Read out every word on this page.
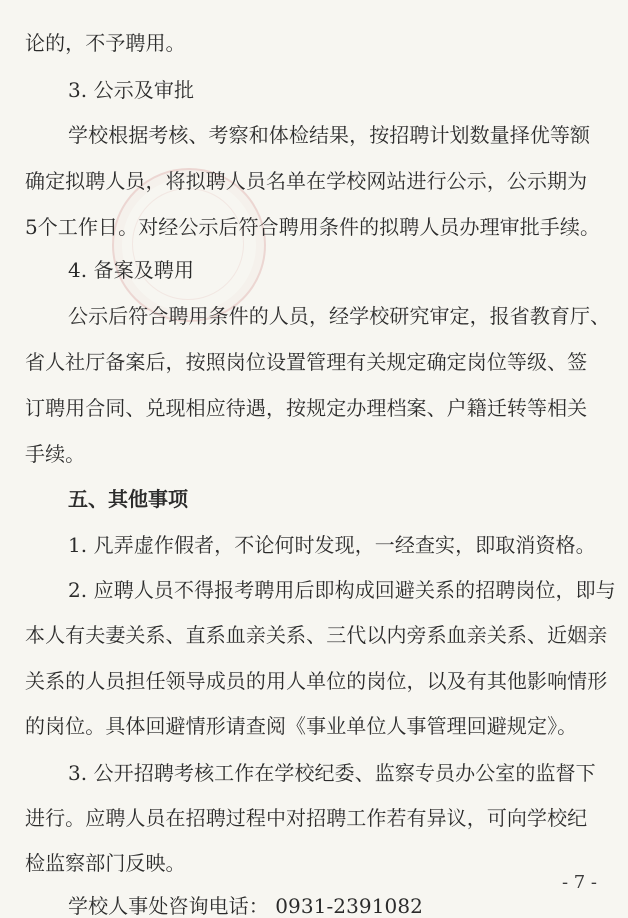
论的，不予聘用。
3. 公示及审批
学校根据考核、考察和体检结果，按招聘计划数量择优等额
确定拟聘人员，将拟聘人员名单在学校网站进行公示，公示期为
5个工作日。对经公示后符合聘用条件的拟聘人员办理审批手续。
4. 备案及聘用
公示后符合聘用条件的人员，经学校研究审定，报省教育厅、
省人社厅备案后，按照岗位设置管理有关规定确定岗位等级、签
订聘用合同、兑现相应待遇，按规定办理档案、户籍迁转等相关
手续。
五、其他事项
1. 凡弄虚作假者，不论何时发现，一经查实，即取消资格。
2. 应聘人员不得报考聘用后即构成回避关系的招聘岗位，即与
本人有夫妻关系、直系血亲关系、三代以内旁系血亲关系、近姻亲
关系的人员担任领导成员的用人单位的岗位，以及有其他影响情形
的岗位。具体回避情形请查阅《事业单位人事管理回避规定》。
3. 公开招聘考核工作在学校纪委、监察专员办公室的监督下
进行。应聘人员在招聘过程中对招聘工作若有异议，可向学校纪
检监察部门反映。
学校人事处咨询电话： 0931-2391082
- 7 -
